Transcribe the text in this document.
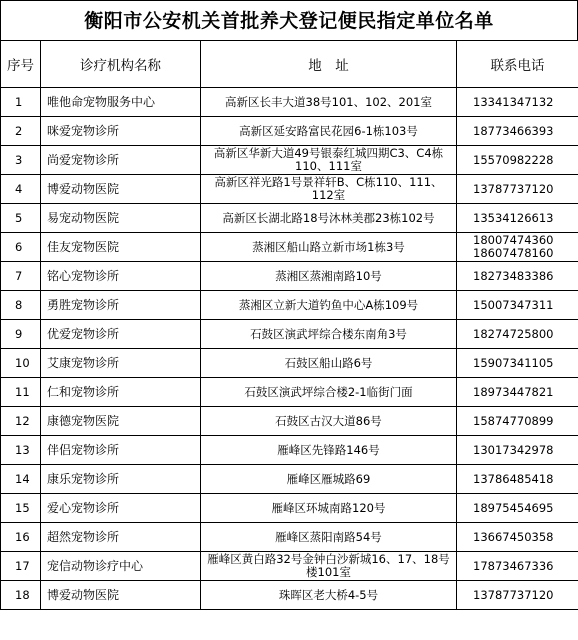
衡阳市公安机关首批养犬登记便民指定单位名单
序号	诊疗机构名称	地　址	联系电话
1	唯他命宠物服务中心	高新区长丰大道38号101、102、201室	13341347132

2	咪爱宠物诊所	高新区延安路富民花园6-1栋103号	18773466393

3	尚爱宠物诊所	高新区华新大道49号银泰红城四期C3、C4栋110、111室	15570982228

4	博爱动物医院	高新区祥光路1号景祥轩B、C栋110、111、112室	13787737120

5	易宠动物医院	高新区长湖北路18号沐林美郡23栋102号	13534126613

6	佳友宠物医院	蒸湘区船山路立新市场1栋3号	18007474360
18607478160

7	铭心宠物诊所	蒸湘区蒸湘南路10号	18273483386

8	勇胜宠物诊所	蒸湘区立新大道钓鱼中心A栋109号	15007347311

9	优爱宠物诊所	石鼓区演武坪综合楼东南角3号	18274725800

10	艾康宠物诊所	石鼓区船山路6号	15907341105

11	仁和宠物诊所	石鼓区演武坪综合楼2-1临街门面	18973447821

12	康德宠物医院	石鼓区古汉大道86号	15874770899

13	伴侣宠物诊所	雁峰区先锋路146号	13017342978

14	康乐宠物诊所	雁峰区雁城路69	13786485418

15	爱心宠物诊所	雁峰区环城南路120号	18975454695

16	超然宠物诊所	雁峰区蒸阳南路54号	13667450358

17	宠信动物诊疗中心	雁峰区黄白路32号金钟白沙新城16、17、18号楼101室	17873467336

18	博爱动物医院	珠晖区老大桥4-5号	13787737120
